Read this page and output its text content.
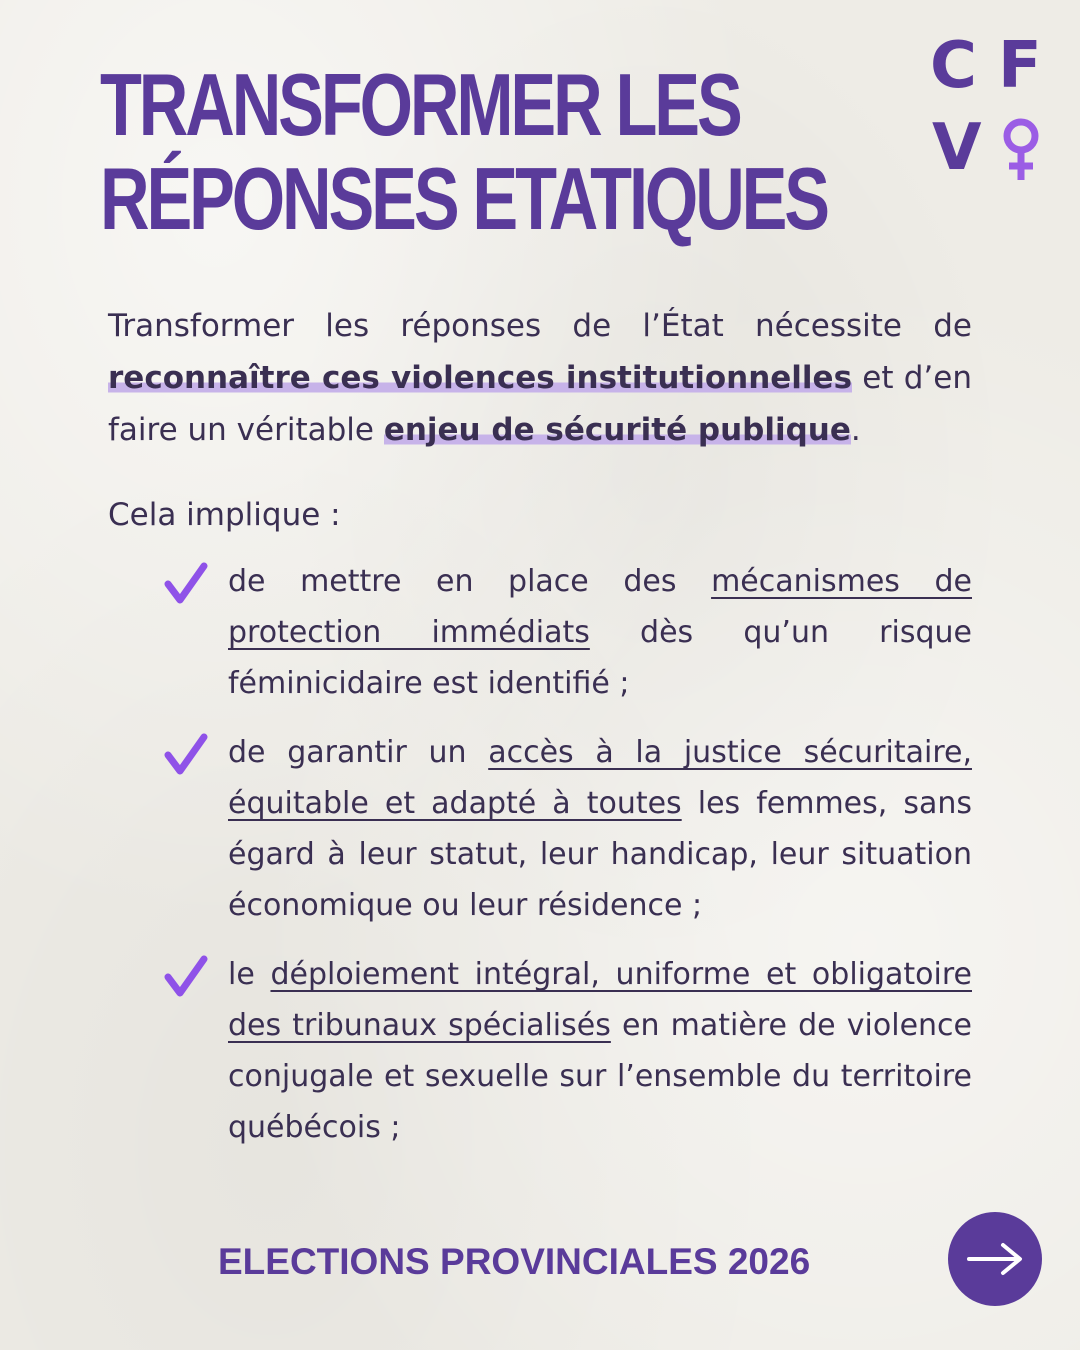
TRANSFORMER LES
RÉPONSES ETATIQUES
C F
V

Transformer les réponses de l’État nécessite de reconnaître ces violences institutionnelles et d’en faire un véritable enjeu de sécurité publique.

Cela implique :

de mettre en place des mécanismes de protection immédiats dès qu’un risque féminicidaire est identifié ;
de garantir un accès à la justice sécuritaire, équitable et adapté à toutes les femmes, sans égard à leur statut, leur handicap, leur situation économique ou leur résidence ;
le déploiement intégral, uniforme et obligatoire des tribunaux spécialisés en matière de violence conjugale et sexuelle sur l’ensemble du territoire québécois ;

ELECTIONS PROVINCIALES 2026
